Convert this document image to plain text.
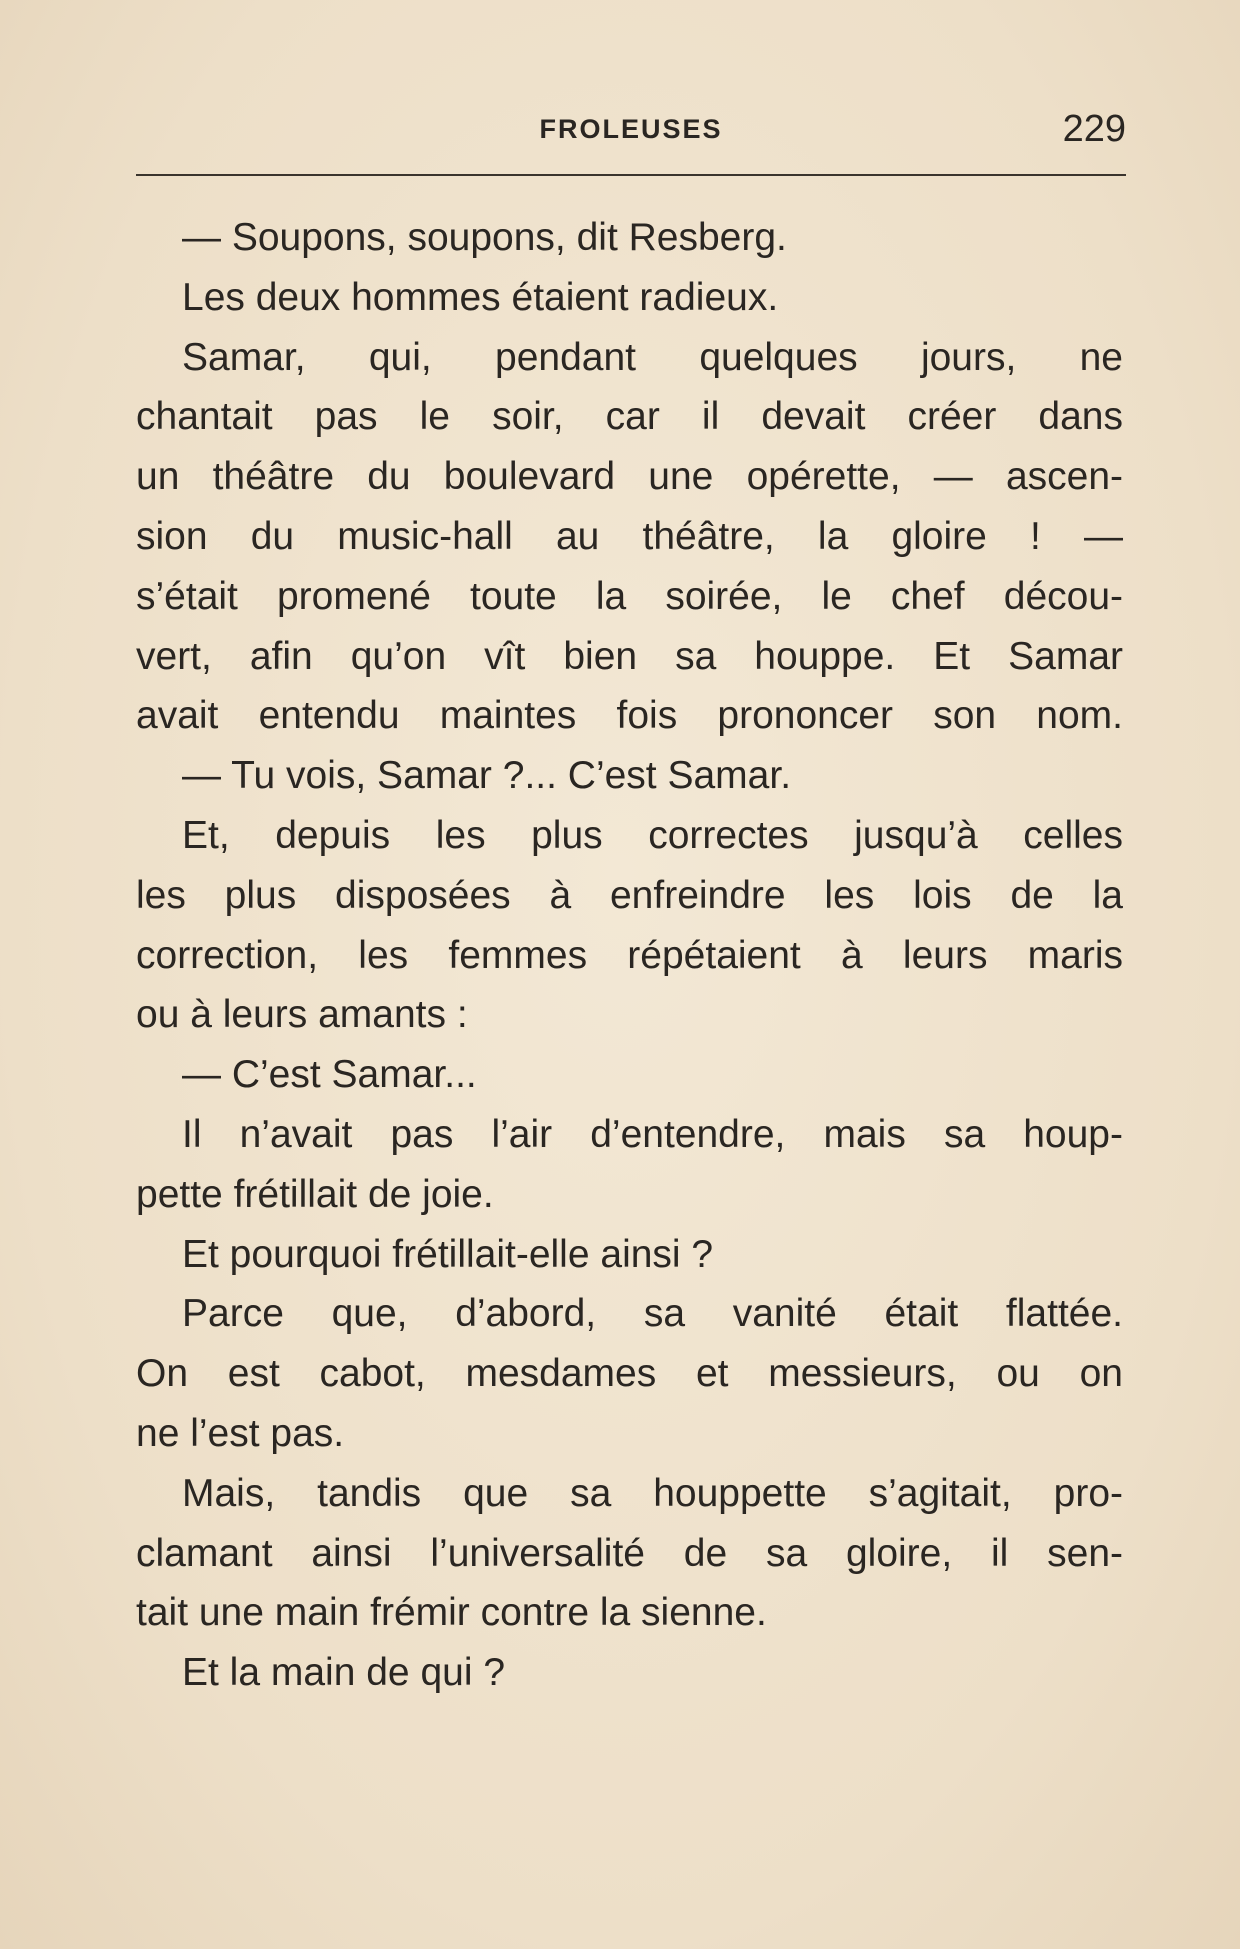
FROLEUSES	229
— Soupons, soupons, dit Resberg.
Les deux hommes étaient radieux.
Samar, qui, pendant quelques jours, ne
chantait pas le soir, car il devait créer dans
un théâtre du boulevard une opérette, — ascen-
sion du music-hall au théâtre, la gloire ! —
s’était promené toute la soirée, le chef décou-
vert, afin qu’on vît bien sa houppe. Et Samar
avait entendu maintes fois prononcer son nom.
— Tu vois, Samar ?... C’est Samar.
Et, depuis les plus correctes jusqu’à celles
les plus disposées à enfreindre les lois de la
correction, les femmes répétaient à leurs maris
ou à leurs amants :
— C’est Samar...
Il n’avait pas l’air d’entendre, mais sa houp-
pette frétillait de joie.
Et pourquoi frétillait-elle ainsi ?
Parce que, d’abord, sa vanité était flattée.
On est cabot, mesdames et messieurs, ou on
ne l’est pas.
Mais, tandis que sa houppette s’agitait, pro-
clamant ainsi l’universalité de sa gloire, il sen-
tait une main frémir contre la sienne.
Et la main de qui ?
